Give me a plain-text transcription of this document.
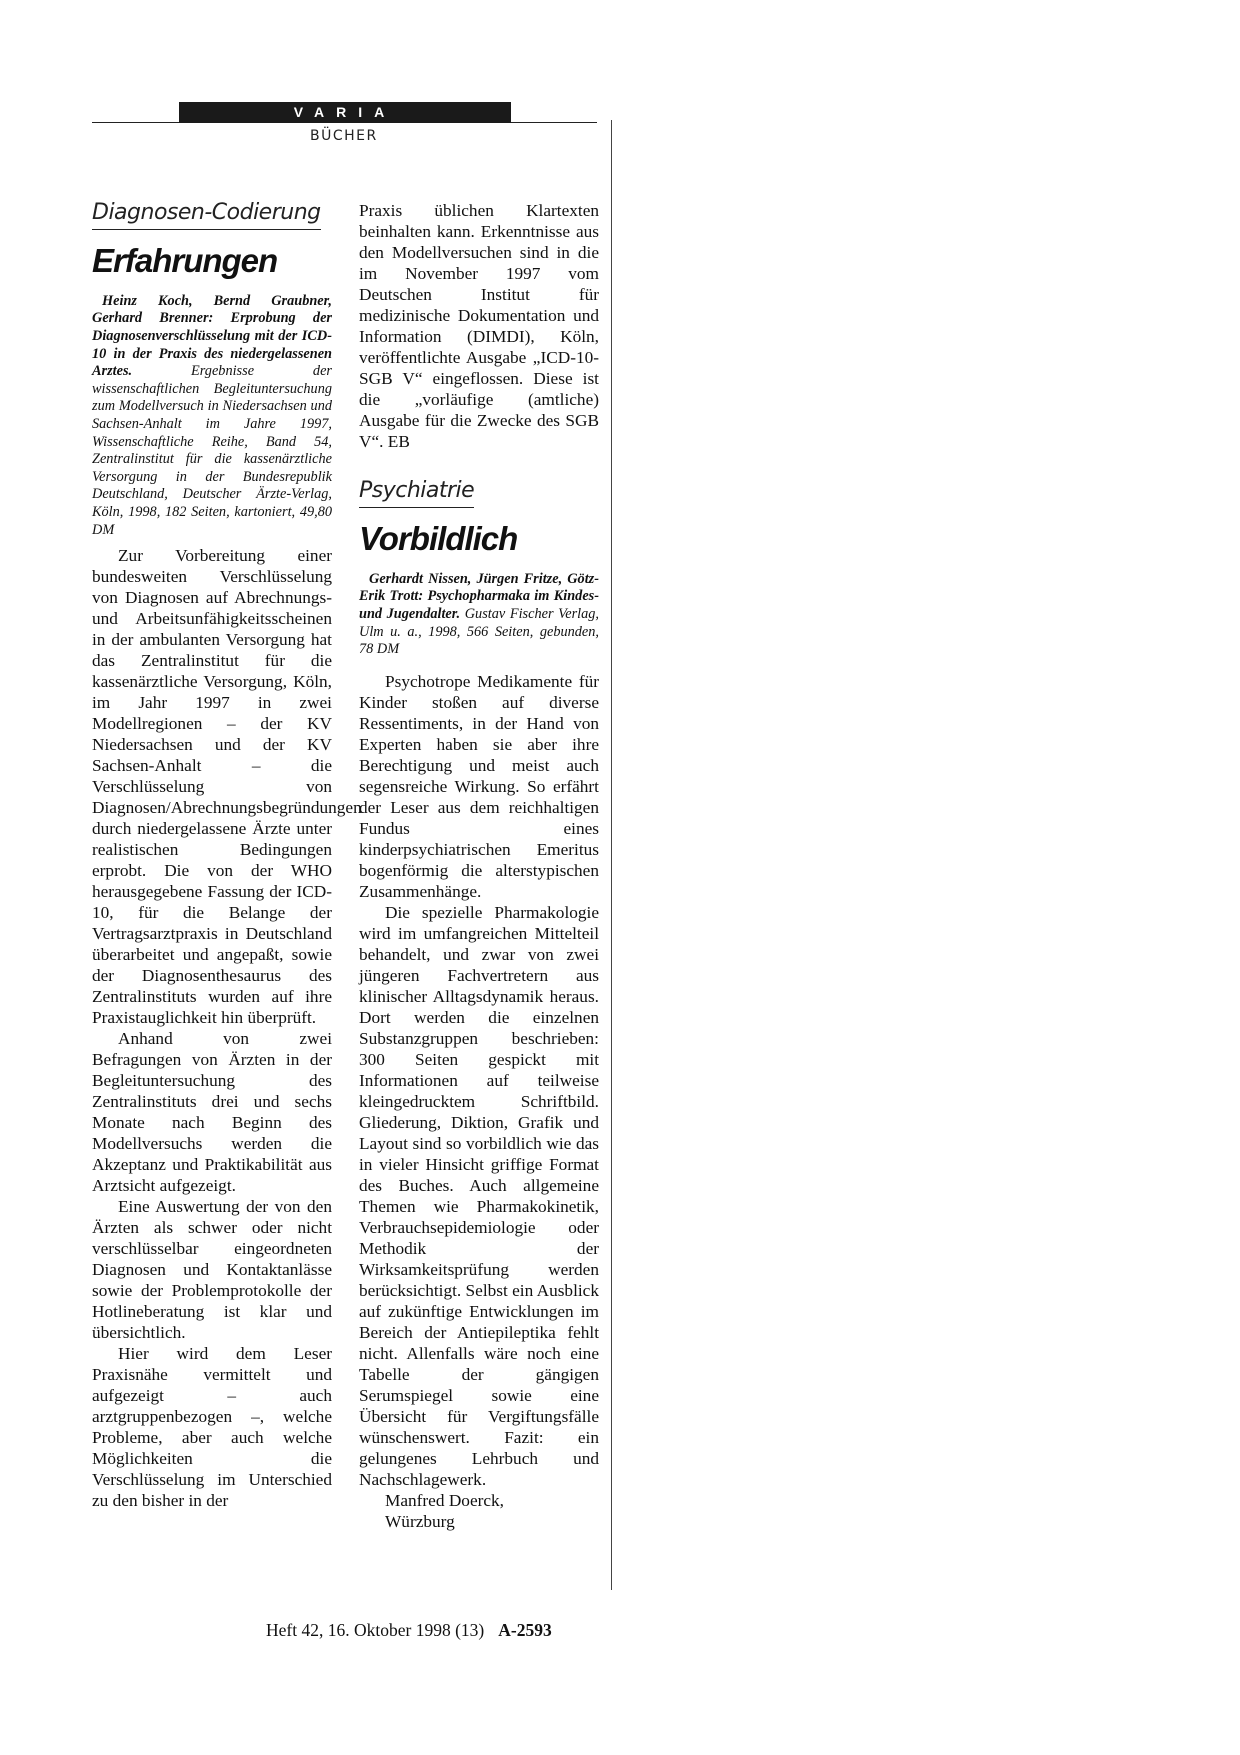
VARIA
BÜCHER
Diagnosen-Codierung
Erfahrungen

Heinz Koch, Bernd Graubner, Gerhard Brenner: Erprobung der Diagnosenverschlüsselung mit der ICD-10 in der Praxis des niedergelassenen Arztes.	Ergebnisse der wissenschaftlichen Begleituntersuchung zum Modellversuch in Niedersachsen und Sachsen-Anhalt im Jahre 1997, Wissenschaftliche Reihe, Band 54, Zentralinstitut für die kassenärztliche Versorgung in der Bundesrepublik Deutschland, Deutscher Ärzte-Verlag, Köln, 1998, 182 Seiten, kartoniert, 49,80 DM

Zur Vorbereitung einer bundesweiten Verschlüsselung von Diagnosen auf Abrechnungs- und Arbeitsunfähigkeitsscheinen in der ambulanten Versorgung hat das Zentralinstitut für die kassenärztliche Versorgung, Köln, im Jahr 1997 in zwei Modellregionen – der KV Niedersachsen und der KV Sachsen-Anhalt – die Verschlüsselung von Diagnosen/Abrechnungsbegründungen durch niedergelassene Ärzte unter realistischen Bedingungen erprobt. Die von der WHO herausgegebene Fassung der ICD-10, für die Belange der Vertragsarztpraxis in Deutschland überarbeitet und angepaßt, sowie der Diagnosenthesaurus des Zentralinstituts wurden auf ihre Praxistauglichkeit hin überprüft.

Anhand von zwei Befragungen von Ärzten in der Begleituntersuchung des Zentralinstituts drei und sechs Monate nach Beginn des Modellversuchs werden die Akzeptanz und Praktikabilität aus Arztsicht aufgezeigt.

Eine Auswertung der von den Ärzten als schwer oder nicht verschlüsselbar eingeordneten Diagnosen und Kontaktanlässe sowie der Problemprotokolle der Hotlineberatung ist klar und übersichtlich.

Hier wird dem Leser Praxisnähe vermittelt und aufgezeigt – auch arztgruppenbezogen –, welche Probleme, aber auch welche Möglichkeiten die Verschlüsselung im Unterschied zu den bisher in der

Praxis üblichen Klartexten beinhalten kann. Erkenntnisse aus den Modellversuchen sind in die im November 1997 vom Deutschen Institut für medizinische Dokumentation und Information (DIMDI), Köln, veröffentlichte Ausgabe „ICD-10-SGB V“ eingeflossen. Diese ist die „vorläufige (amtliche) Ausgabe für die Zwecke des SGB V“. EB

Psychiatrie
Vorbildlich

Gerhardt Nissen, Jürgen Fritze, Götz-Erik Trott: Psychopharmaka im Kindes- und Jugendalter. Gustav Fischer Verlag, Ulm u. a., 1998, 566 Seiten, gebunden, 78 DM

Psychotrope Medikamente für Kinder stoßen auf diverse Ressentiments, in der Hand von Experten haben sie aber ihre Berechtigung und meist auch segensreiche Wirkung. So erfährt der Leser aus dem reichhaltigen Fundus eines kinderpsychiatrischen Emeritus bogenförmig die alterstypischen Zusammenhänge.

Die spezielle Pharmakologie wird im umfangreichen Mittelteil behandelt, und zwar von zwei jüngeren Fachvertretern aus klinischer Alltagsdynamik heraus. Dort werden die einzelnen Substanzgruppen beschrieben: 300 Seiten gespickt mit Informationen auf teilweise kleingedrucktem Schriftbild. Gliederung, Diktion, Grafik und Layout sind so vorbildlich wie das in vieler Hinsicht griffige Format des Buches. Auch allgemeine Themen wie Pharmakokinetik, Verbrauchsepidemiologie oder Methodik der Wirksamkeitsprüfung werden berücksichtigt. Selbst ein Ausblick auf zukünftige Entwicklungen im Bereich der Antiepileptika fehlt nicht. Allenfalls wäre noch eine Tabelle der gängigen Serumspiegel sowie eine Übersicht für Vergiftungsfälle wünschenswert. Fazit: ein gelungenes Lehrbuch und Nachschlagewerk.

Manfred Doerck,
Würzburg
Heft 42, 16. Oktober 1998 (13) A-2593
